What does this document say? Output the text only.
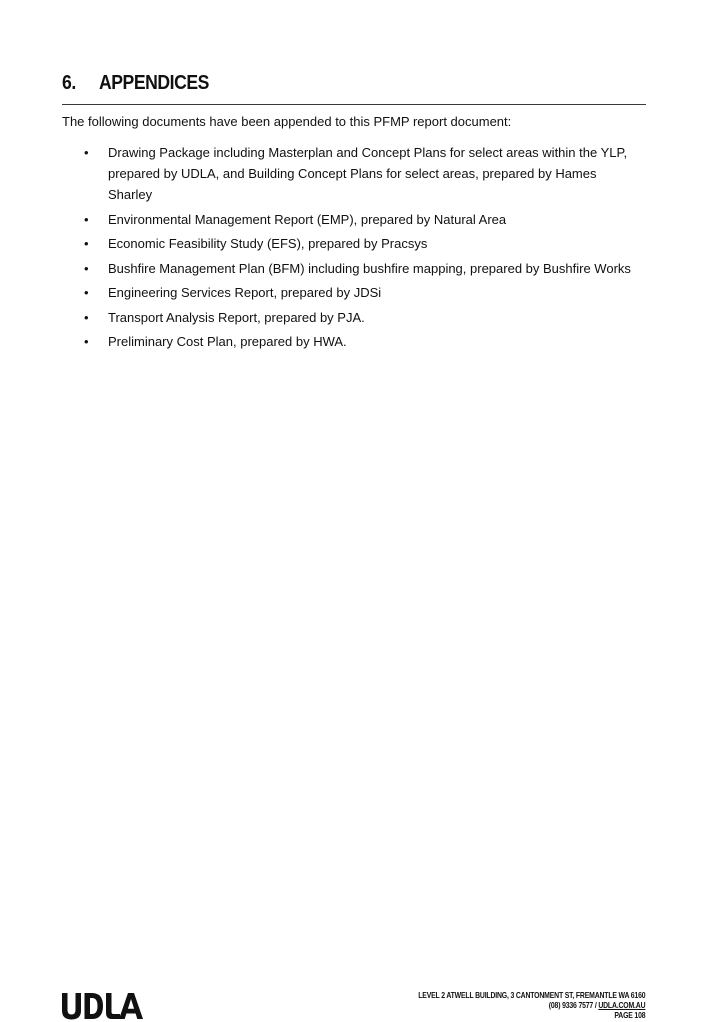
6.	APPENDICES
The following documents have been appended to this PFMP report document:
• Drawing Package including Masterplan and Concept Plans for select areas within the YLP, prepared by UDLA, and Building Concept Plans for select areas, prepared by Hames Sharley
• Environmental Management Report (EMP), prepared by Natural Area
• Economic Feasibility Study (EFS), prepared by Pracsys
• Bushfire Management Plan (BFM) including bushfire mapping, prepared by Bushfire Works
• Engineering Services Report, prepared by JDSi
• Transport Analysis Report, prepared by PJA.
• Preliminary Cost Plan, prepared by HWA.
LEVEL 2 ATWELL BUILDING, 3 CANTONMENT ST, FREMANTLE WA 6160
(08) 9336 7577 / UDLA.COM.AU
PAGE 108
